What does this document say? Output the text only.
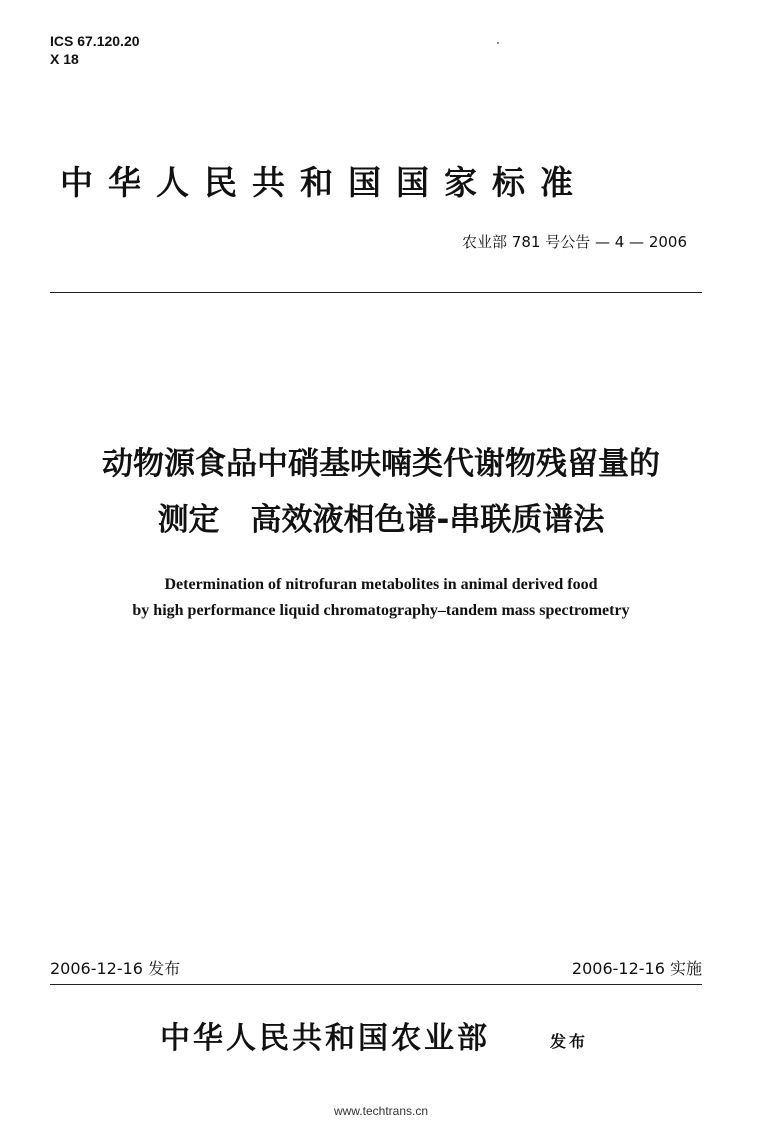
ICS 67.120.20
X 18
中华人民共和国国家标准
农业部 781 号公告 — 4 — 2006
动物源食品中硝基呋喃类代谢物残留量的
测定　高效液相色谱-串联质谱法
Determination of nitrofuran metabolites in animal derived food
by high performance liquid chromatography–tandem mass spectrometry
2006-12-16 发布	2006-12-16 实施
中华人民共和国农业部	发布
www.techtrans.cn
